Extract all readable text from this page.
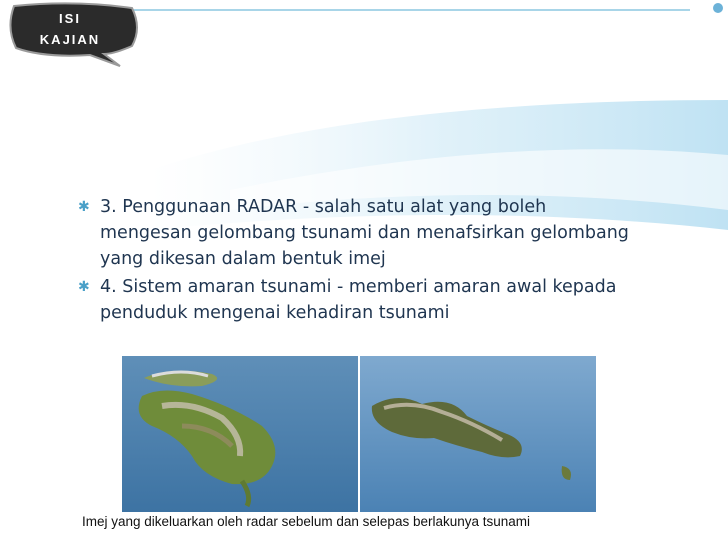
ISI
KAJIAN
✱ 3. Penggunaan RADAR - salah satu alat yang boleh mengesan gelombang tsunami dan menafsirkan gelombang yang dikesan dalam bentuk imej
✱ 4. Sistem amaran tsunami - memberi amaran awal kepada penduduk mengenai kehadiran tsunami
Imej yang dikeluarkan oleh radar sebelum dan selepas berlakunya tsunami
